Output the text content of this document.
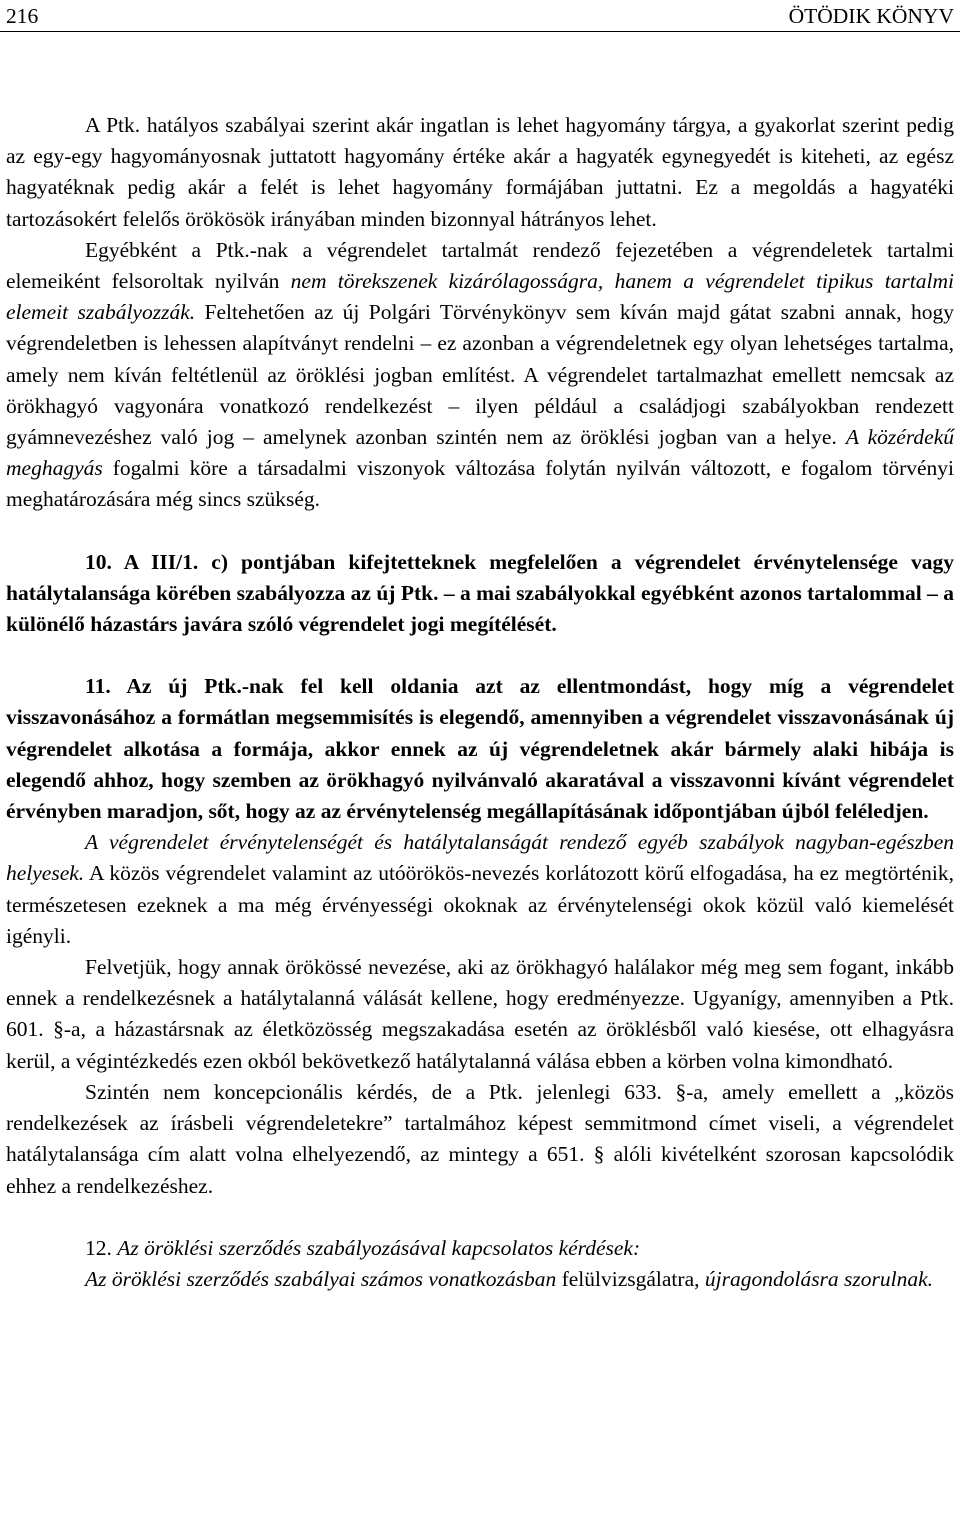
216	ÖTÖDIK KÖNYV

A Ptk. hatályos szabályai szerint akár ingatlan is lehet hagyomány tárgya, a gyakorlat szerint pedig az egy-egy hagyományosnak juttatott hagyomány értéke akár a hagyaték egynegyedét is kiteheti, az egész hagyatéknak pedig akár a felét is lehet hagyomány formájában juttatni. Ez a megoldás a hagyatéki tartozásokért felelős örökösök irányában minden bizonnyal hátrányos lehet.

Egyébként a Ptk.-nak a végrendelet tartalmát rendező fejezetében a végrendeletek tartalmi elemeiként felsoroltak nyilván nem törekszenek kizárólagosságra, hanem a végrendelet tipikus tartalmi elemeit szabályozzák. Feltehetően az új Polgári Törvénykönyv sem kíván majd gátat szabni annak, hogy végrendeletben is lehessen alapítványt rendelni – ez azonban a végrendeletnek egy olyan lehetséges tartalma, amely nem kíván feltétlenül az öröklési jogban említést. A végrendelet tartalmazhat emellett nemcsak az örökhagyó vagyonára vonatkozó rendelkezést – ilyen például a családjogi szabályokban rendezett gyámnevezéshez való jog – amelynek azonban szintén nem az öröklési jogban van a helye. A közérdekű meghagyás fogalmi köre a társadalmi viszonyok változása folytán nyilván változott, e fogalom törvényi meghatározására még sincs szükség.

10. A III/1. c) pontjában kifejtetteknek megfelelően a végrendelet érvénytelensége vagy hatálytalansága körében szabályozza az új Ptk. – a mai szabályokkal egyébként azonos tartalommal – a különélő házastárs javára szóló végrendelet jogi megítélését.

11. Az új Ptk.-nak fel kell oldania azt az ellentmondást, hogy míg a végrendelet visszavonásához a formátlan megsemmisítés is elegendő, amennyiben a végrendelet visszavonásának új végrendelet alkotása a formája, akkor ennek az új végrendeletnek akár bármely alaki hibája is elegendő ahhoz, hogy szemben az örökhagyó nyilvánvaló akaratával a visszavonni kívánt végrendelet érvényben maradjon, sőt, hogy az az érvénytelenség megállapításának időpontjában újból feléledjen.

A végrendelet érvénytelenségét és hatálytalanságát rendező egyéb szabályok nagyban-egészben helyesek. A közös végrendelet valamint az utóörökös-nevezés korlátozott körű elfogadása, ha ez megtörténik, természetesen ezeknek a ma még érvényességi okoknak az érvénytelenségi okok közül való kiemelését igényli.

Felvetjük, hogy annak örökössé nevezése, aki az örökhagyó halálakor még meg sem fogant, inkább ennek a rendelkezésnek a hatálytalanná válását kellene, hogy eredményezze. Ugyanígy, amennyiben a Ptk. 601. §-a, a házastársnak az életközösség megszakadása esetén az öröklésből való kiesése, ott elhagyásra kerül, a végintézkedés ezen okból bekövetkező hatálytalanná válása ebben a körben volna kimondható.

Szintén nem koncepcionális kérdés, de a Ptk. jelenlegi 633. §-a, amely emellett a „közös rendelkezések az írásbeli végrendeletekre” tartalmához képest semmitmond címet viseli, a végrendelet hatálytalansága cím alatt volna elhelyezendő, az mintegy a 651. § alóli kivételként szorosan kapcsolódik ehhez a rendelkezéshez.

12. Az öröklési szerződés szabályozásával kapcsolatos kérdések:

Az öröklési szerződés szabályai számos vonatkozásban felülvizsgálatra, újragondolásra szorulnak.
